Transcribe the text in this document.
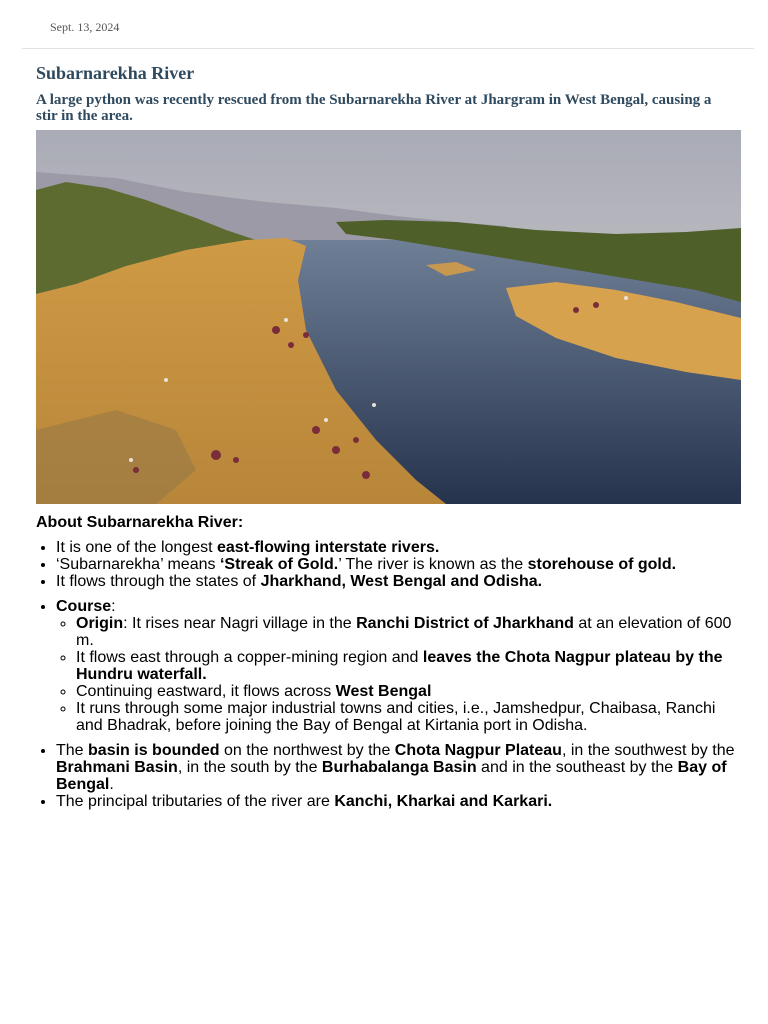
Sept. 13, 2024
Subarnarekha River

A large python was recently rescued from the Subarnarekha River at Jhargram in West Bengal, causing a stir in the area.

About Subarnarekha River:
• It is one of the longest east-flowing interstate rivers.
• ‘Subarnarekha’ means ‘Streak of Gold.’ The river is known as the storehouse of gold.
• It flows through the states of Jharkhand, West Bengal and Odisha.
• Course:
◦ Origin: It rises near Nagri village in the Ranchi District of Jharkhand at an elevation of 600 m.
◦ It flows east through a copper-mining region and leaves the Chota Nagpur plateau by the Hundru waterfall.
◦ Continuing eastward, it flows across West Bengal
◦ It runs through some major industrial towns and cities, i.e., Jamshedpur, Chaibasa, Ranchi and Bhadrak, before joining the Bay of Bengal at Kirtania port in Odisha.
• The basin is bounded on the northwest by the Chota Nagpur Plateau, in the southwest by the Brahmani Basin, in the south by the Burhabalanga Basin and in the southeast by the Bay of Bengal.
• The principal tributaries of the river are Kanchi, Kharkai and Karkari.
